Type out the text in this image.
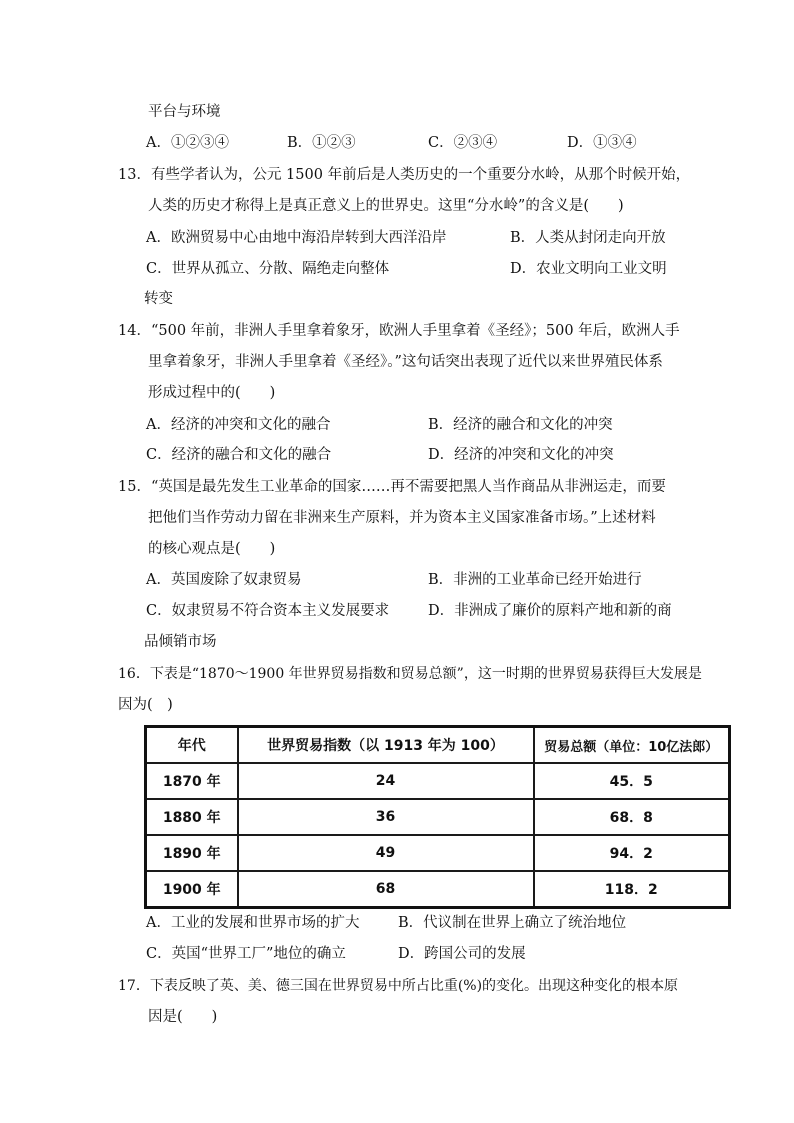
平台与环境
A．①②③④	B．①②③	C．②③④	D．①③④
13．有些学者认为，公元 1500 年前后是人类历史的一个重要分水岭，从那个时候开始，
人类的历史才称得上是真正意义上的世界史。这里“分水岭”的含义是(　　)
A．欧洲贸易中心由地中海沿岸转到大西洋沿岸	B．人类从封闭走向开放
C．世界从孤立、分散、隔绝走向整体	D．农业文明向工业文明
转变
14．“500 年前，非洲人手里拿着象牙，欧洲人手里拿着《圣经》；500 年后，欧洲人手
里拿着象牙，非洲人手里拿着《圣经》。”这句话突出表现了近代以来世界殖民体系
形成过程中的(　　)
A．经济的冲突和文化的融合	B．经济的融合和文化的冲突
C．经济的融合和文化的融合	D．经济的冲突和文化的冲突
15．“英国是最先发生工业革命的国家……再不需要把黑人当作商品从非洲运走，而要
把他们当作劳动力留在非洲来生产原料，并为资本主义国家准备市场。”上述材料
的核心观点是(　　)
A．英国废除了奴隶贸易	B．非洲的工业革命已经开始进行
C．奴隶贸易不符合资本主义发展要求	D．非洲成了廉价的原料产地和新的商
品倾销市场
16．下表是“1870～1900 年世界贸易指数和贸易总额”，这一时期的世界贸易获得巨大发展是
因为(　)
年代	世界贸易指数（以 1913 年为 100）	贸易总额（单位：10亿法郎）
1870 年	24	45．5
1880 年	36	68．8
1890 年	49	94．2
1900 年	68	118．2
A．工业的发展和世界市场的扩大	B．代议制在世界上确立了统治地位
C．英国“世界工厂”地位的确立	D．跨国公司的发展
17．下表反映了英、美、德三国在世界贸易中所占比重(%)的变化。出现这种变化的根本原
因是(　　)
